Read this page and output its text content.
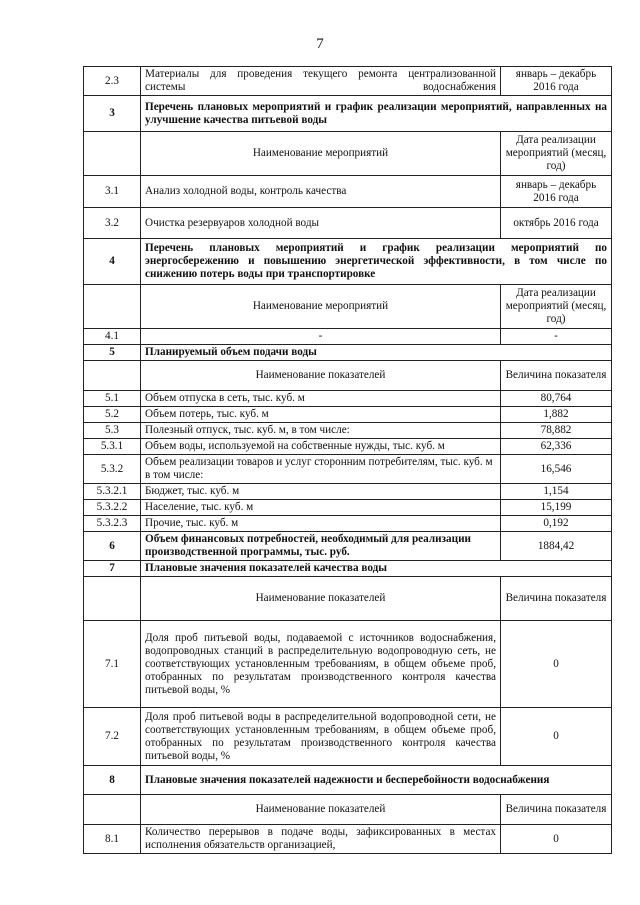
7
2.3	Материалы для проведения текущего ремонта централизованной системы водоснабжения	январь – декабрь 2016 года
3	Перечень плановых мероприятий и график реализации мероприятий, направленных на улучшение качества питьевой воды	
	Наименование мероприятий	Дата реализации мероприятий (месяц, год)
3.1	Анализ холодной воды, контроль качества	январь – декабрь 2016 года
3.2	Очистка резервуаров холодной воды	октябрь 2016 года
4	Перечень плановых мероприятий и график реализации мероприятий по энергосбережению и повышению энергетической эффективности, в том числе по снижению потерь воды при транспортировке	
	Наименование мероприятий	Дата реализации мероприятий (месяц, год)
4.1	-	-
5	Планируемый объем подачи воды	
	Наименование показателей	Величина показателя
5.1	Объем отпуска в сеть, тыс. куб. м	80,764
5.2	Объем потерь, тыс. куб. м	1,882
5.3	Полезный отпуск, тыс. куб. м, в том числе:	78,882
5.3.1	Объем воды, используемой на собственные нужды, тыс. куб. м	62,336
5.3.2	Объем реализации товаров и услуг сторонним потребителям, тыс. куб. м в том числе:	16,546
5.3.2.1	Бюджет, тыс. куб. м	1,154
5.3.2.2	Население, тыс. куб. м	15,199
5.3.2.3	Прочие, тыс. куб. м	0,192
6	Объем финансовых потребностей, необходимый для реализации производственной программы, тыс. руб.	1884,42
7	Плановые значения показателей качества воды	
	Наименование показателей	Величина показателя
7.1	Доля проб питьевой воды, подаваемой с источников водоснабжения, водопроводных станций в распределительную водопроводную сеть, не соответствующих установленным требованиям, в общем объеме проб, отобранных по результатам производственного контроля качества питьевой воды, %	0
7.2	Доля проб питьевой воды в распределительной водопроводной сети, не соответствующих установленным требованиям, в общем объеме проб, отобранных по результатам производственного контроля качества питьевой воды, %	0
8	Плановые значения показателей надежности и бесперебойности водоснабжения	
	Наименование показателей	Величина показателя
8.1	Количество перерывов в подаче воды, зафиксированных в местах исполнения обязательств организацией,	0
